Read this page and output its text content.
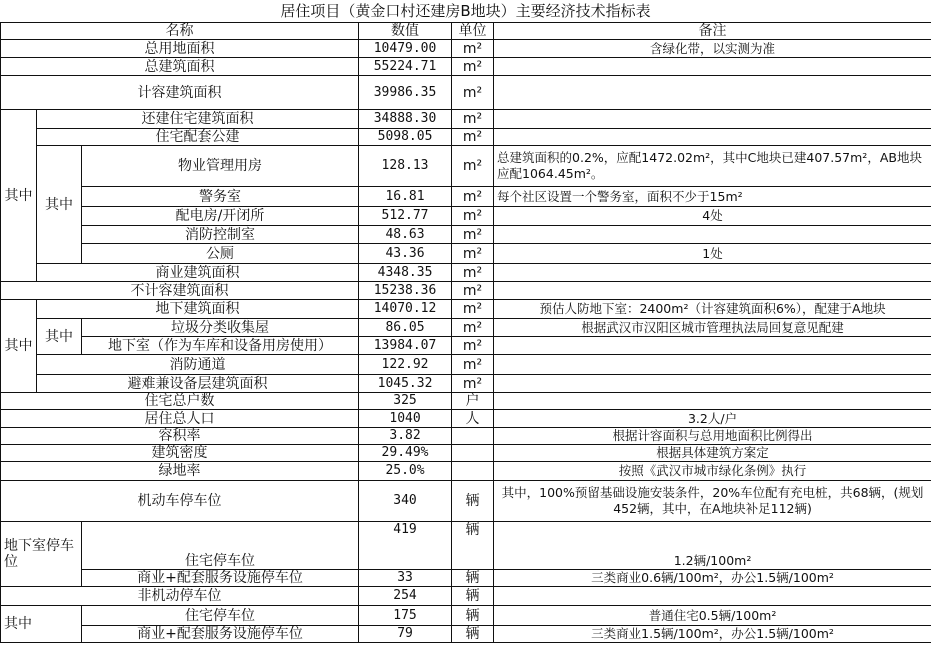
居住项目（黄金口村还建房B地块）主要经济技术指标表
名称			数值	单位	备注
总用地面积			10479.00	m²	含绿化带，以实测为准
总建筑面积			55224.71	m²	
计容建筑面积			39986.35	m²	
其中	还建住宅建筑面积		34888.30	m²	
	住宅配套公建		5098.05	m²	
	其中	物业管理用房	128.13	m²	总建筑面积的0.2%，应配1472.02m²，其中C地块已建407.57m²，AB地块应配1064.45m²。
		警务室	16.81	m²	每个社区设置一个警务室，面积不少于15m²
		配电房/开闭所	512.77	m²	4处
		消防控制室	48.63	m²	
		公厕	43.36	m²	1处
	商业建筑面积		4348.35	m²	
不计容建筑面积			15238.36	m²	
其中	地下建筑面积		14070.12	m²	预估人防地下室：2400m²（计容建筑面积6%），配建于A地块
	其中	垃圾分类收集屋	86.05	m²	根据武汉市汉阳区城市管理执法局回复意见配建
		地下室（作为车库和设备用房使用）	13984.07	m²	
	消防通道		122.92	m²	
	避难兼设备层建筑面积		1045.32	m²	
住宅总户数			325	户	
居住总人口			1040	人	3.2人/户
容积率			3.82		根据计容面积与总用地面积比例得出
建筑密度			29.49%		根据具体建筑方案定
绿地率			25.0%		按照《武汉市城市绿化条例》执行
机动车停车位			340	辆	其中，100%预留基础设施安装条件，20%车位配有充电桩，共68辆，(规划452辆，其中，在A地块补足112辆)
地下室停车位		住宅停车位	419	辆	1.2辆/100m²
		商业+配套服务设施停车位	33	辆	三类商业0.6辆/100m²，办公1.5辆/100m²
非机动停车位			254	辆	
其中		住宅停车位	175	辆	普通住宅0.5辆/100m²
		商业+配套服务设施停车位	79	辆	三类商业1.5辆/100m²，办公1.5辆/100m²
